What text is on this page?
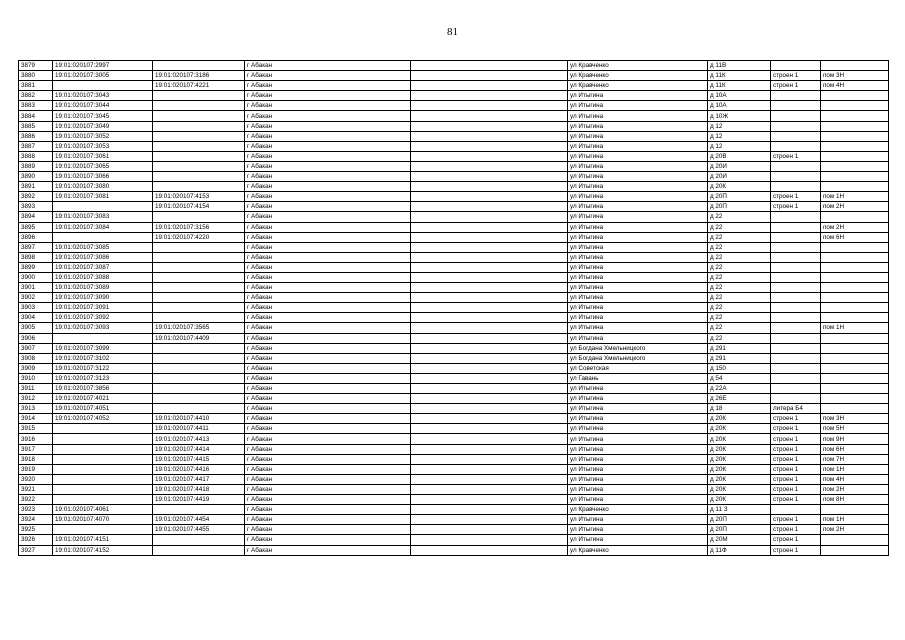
81
3879	19:01:020107:2997		г Абакан		ул Кравченко	д 11В		
3880	19:01:020107:3005	19:01:020107:3186	г Абакан		ул Кравченко	д 11К	строен 1	пом 3Н
3881		19:01:020107:4221	г Абакан		ул Кравченко	д 11К	строен 1	пом 4Н
3882	19:01:020107:3043		г Абакан		ул Итыгина	д 10А		
3883	19:01:020107:3044		г Абакан		ул Итыгина	д 10А		
3884	19:01:020107:3045		г Абакан		ул Итыгина	д 10Ж		
3885	19:01:020107:3049		г Абакан		ул Итыгина	д 12		
3886	19:01:020107:3052		г Абакан		ул Итыгина	д 12		
3887	19:01:020107:3053		г Абакан		ул Итыгина	д 12		
3888	19:01:020107:3061		г Абакан		ул Итыгина	д 20В	строен 1	
3889	19:01:020107:3065		г Абакан		ул Итыгина	д 20И		
3890	19:01:020107:3066		г Абакан		ул Итыгина	д 20И		
3891	19:01:020107:3080		г Абакан		ул Итыгина	д 20К		
3892	19:01:020107:3081	19:01:020107:4153	г Абакан		ул Итыгина	д 20П	строен 1	пом 1Н
3893		19:01:020107:4154	г Абакан		ул Итыгина	д 20П	строен 1	пом 2Н
3894	19:01:020107:3083		г Абакан		ул Итыгина	д 22		
3895	19:01:020107:3084	19:01:020107:3156	г Абакан		ул Итыгина	д 22		пом 2Н
3896		19:01:020107:4220	г Абакан		ул Итыгина	д 22		пом 6Н
3897	19:01:020107:3085		г Абакан		ул Итыгина	д 22		
3898	19:01:020107:3086		г Абакан		ул Итыгина	д 22		
3899	19:01:020107:3087		г Абакан		ул Итыгина	д 22		
3900	19:01:020107:3088		г Абакан		ул Итыгина	д 22		
3901	19:01:020107:3089		г Абакан		ул Итыгина	д 22		
3902	19:01:020107:3090		г Абакан		ул Итыгина	д 22		
3903	19:01:020107:3091		г Абакан		ул Итыгина	д 22		
3904	19:01:020107:3092		г Абакан		ул Итыгина	д 22		
3905	19:01:020107:3093	19:01:020107:3565	г Абакан		ул Итыгина	д 22		пом 1Н
3906		19:01:020107:4409	г Абакан		ул Итыгина	д 22		
3907	19:01:020107:3099		г Абакан		ул Богдана Хмельницкого	д 291		
3908	19:01:020107:3102		г Абакан		ул Богдана Хмельницкого	д 291		
3909	19:01:020107:3122		г Абакан		ул Советская	д 150		
3910	19:01:020107:3123		г Абакан		ул Гавань	д 54		
3911	19:01:020107:3856		г Абакан		ул Итыгина	д 22А		
3912	19:01:020107:4021		г Абакан		ул Итыгина	д 26Е		
3913	19:01:020107:4051		г Абакан		ул Итыгина	д 18	литера Б4	
3914	19:01:020107:4052	19:01:020107:4410	г Абакан		ул Итыгина	д 20К	строен 1	пом 3Н
3915		19:01:020107:4411	г Абакан		ул Итыгина	д 20К	строен 1	пом 5Н
3916		19:01:020107:4413	г Абакан		ул Итыгина	д 20К	строен 1	пом 9Н
3917		19:01:020107:4414	г Абакан		ул Итыгина	д 20К	строен 1	пом 6Н
3918		19:01:020107:4415	г Абакан		ул Итыгина	д 20К	строен 1	пом 7Н
3919		19:01:020107:4416	г Абакан		ул Итыгина	д 20К	строен 1	пом 1Н
3920		19:01:020107:4417	г Абакан		ул Итыгина	д 20К	строен 1	пом 4Н
3921		19:01:020107:4418	г Абакан		ул Итыгина	д 20К	строен 1	пом 2Н
3922		19:01:020107:4419	г Абакан		ул Итыгина	д 20К	строен 1	пом 8Н
3923	19:01:020107:4061		г Абакан		ул Кравченко	д 11 З		
3924	19:01:020107:4070	19:01:020107:4454	г Абакан		ул Итыгина	д 20П	строен 1	пом 1Н
3925		19:01:020107:4455	г Абакан		ул Итыгина	д 20П	строен 1	пом 2Н
3926	19:01:020107:4151		г Абакан		ул Итыгина	д 20М	строен 1	
3927	19:01:020107:4152		г Абакан		ул Кравченко	д 11Ф	строен 1	
